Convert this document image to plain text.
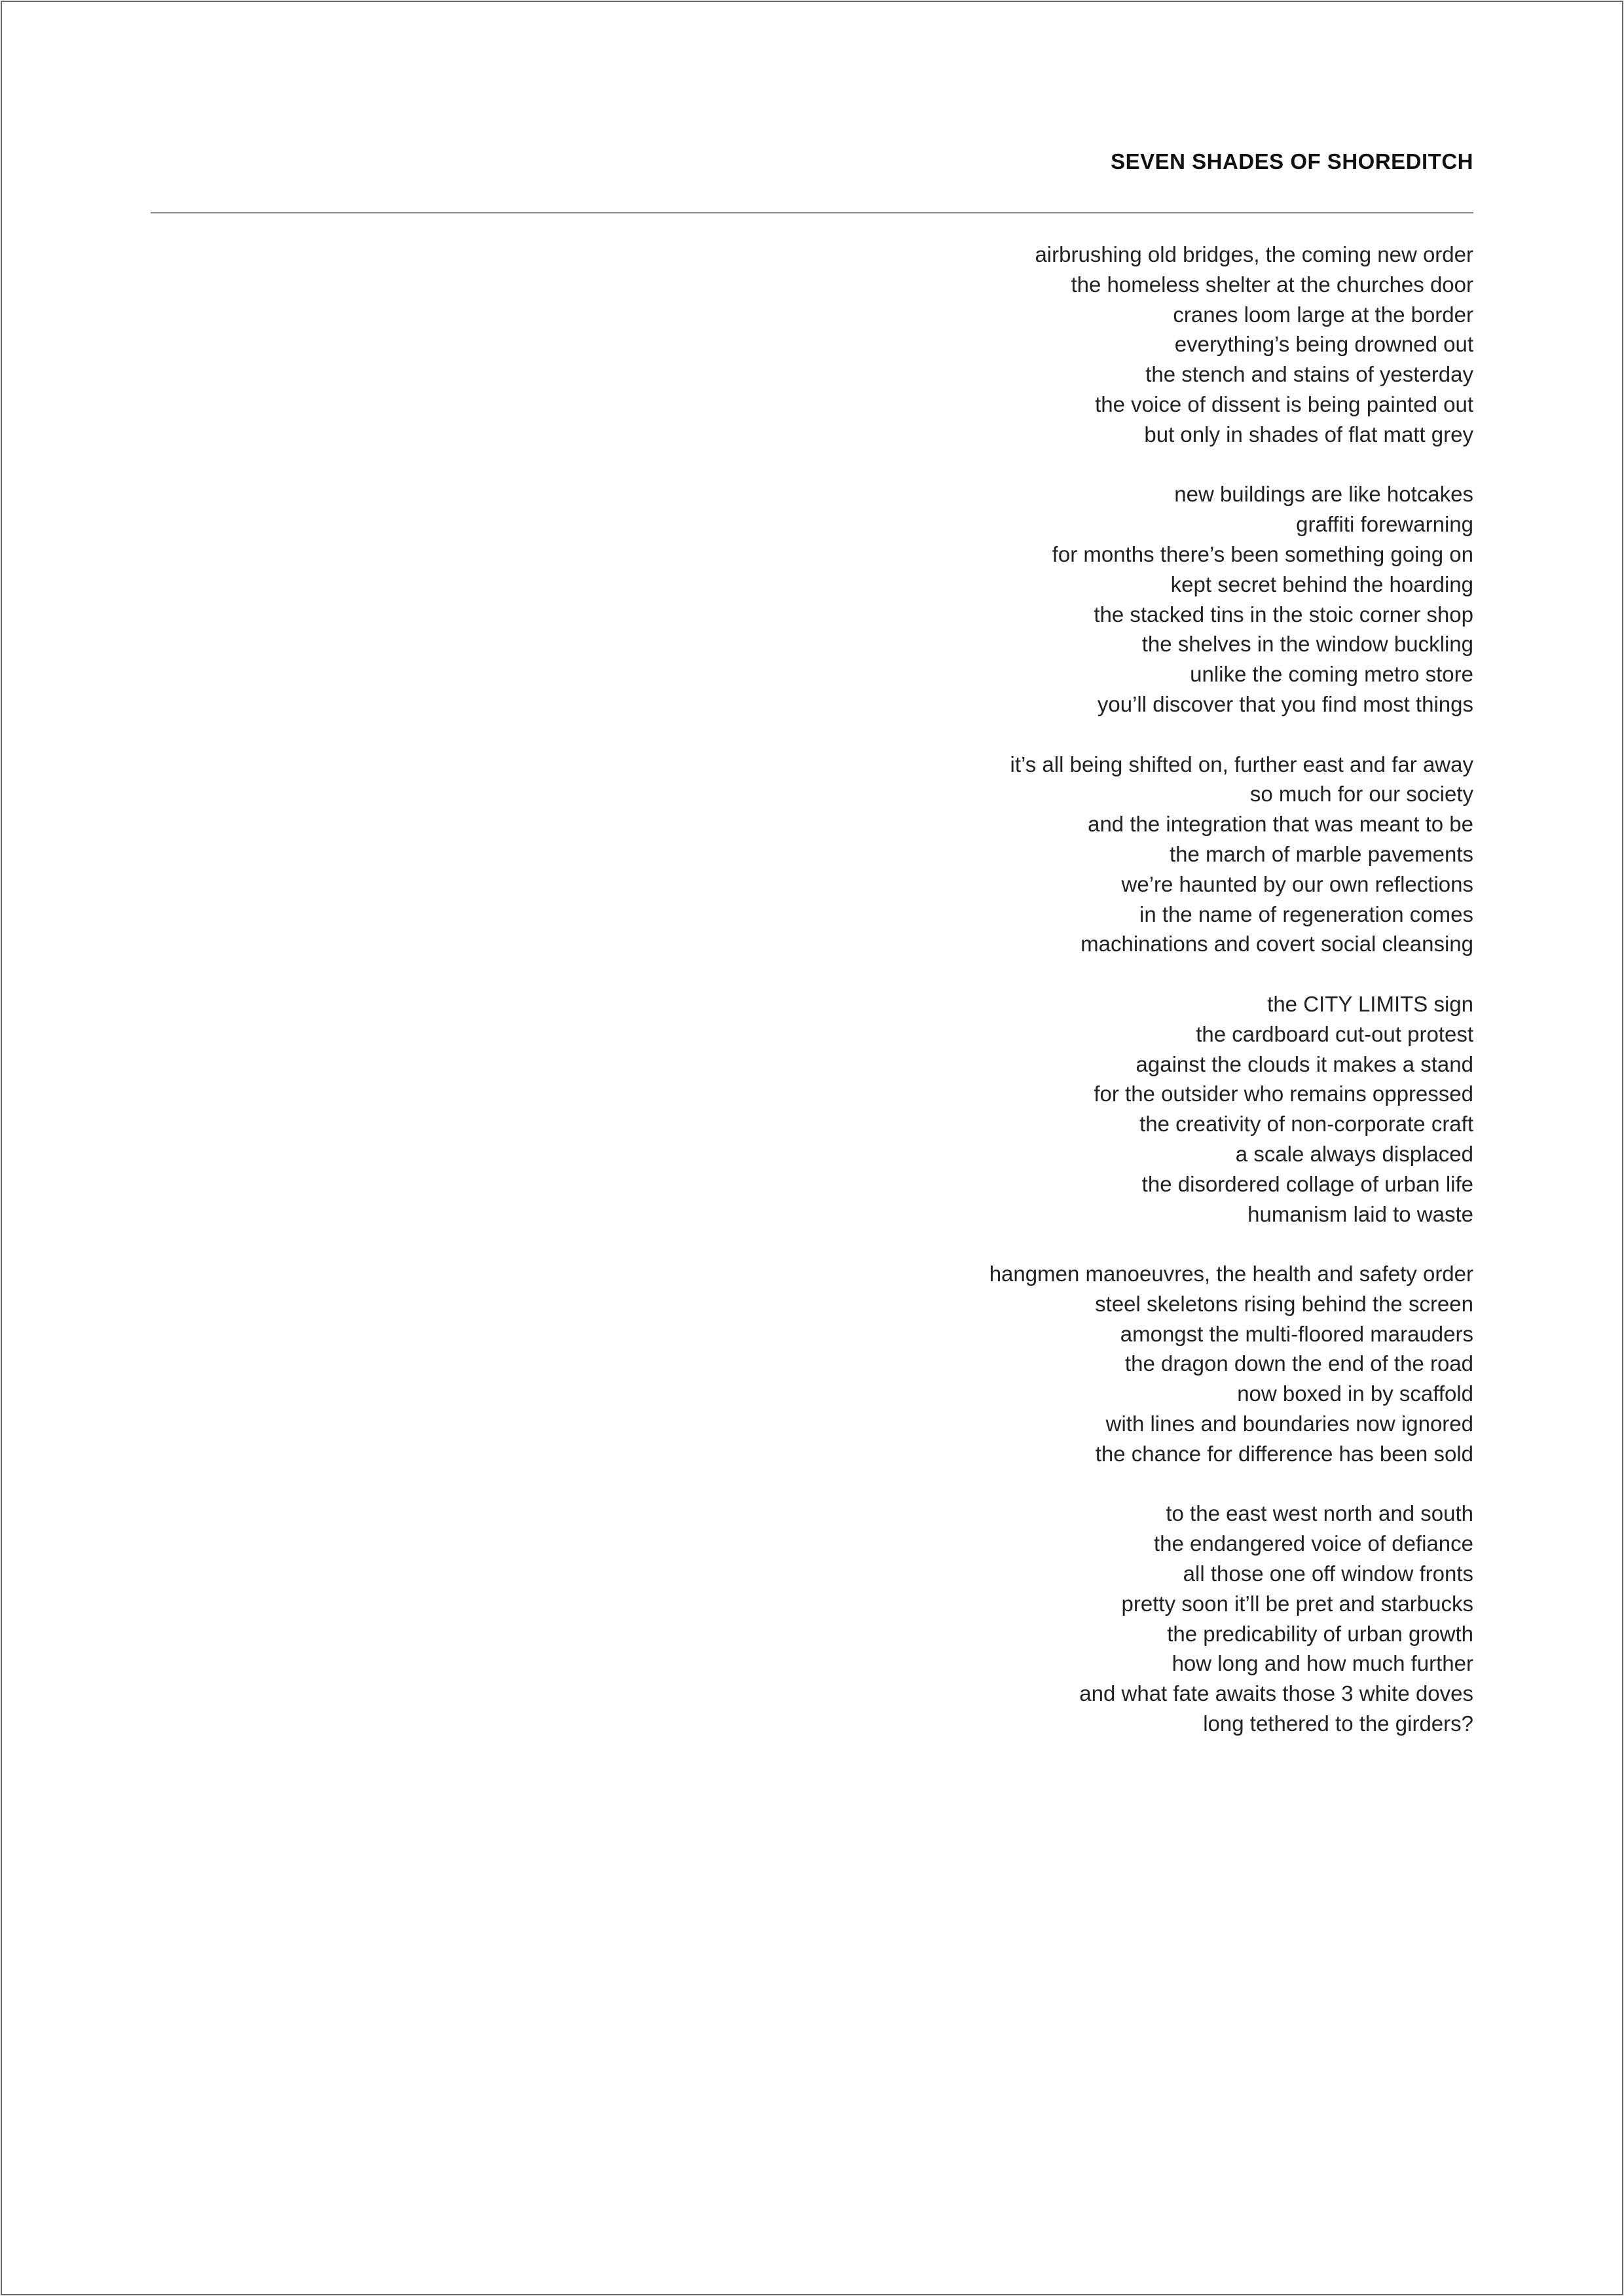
SEVEN SHADES OF SHOREDITCH
airbrushing old bridges, the coming new order
the homeless shelter at the churches door
cranes loom large at the border
everything’s being drowned out
the stench and stains of yesterday
the voice of dissent is being painted out
but only in shades of flat matt grey
new buildings are like hotcakes
graffiti forewarning
for months there’s been something going on
kept secret behind the hoarding
the stacked tins in the stoic corner shop
the shelves in the window buckling
unlike the coming metro store
you’ll discover that you find most things
it’s all being shifted on, further east and far away
so much for our society
and the integration that was meant to be
the march of marble pavements
we’re haunted by our own reflections
in the name of regeneration comes
machinations and covert social cleansing
the CITY LIMITS sign
the cardboard cut-out protest
against the clouds it makes a stand
for the outsider who remains oppressed
the creativity of non-corporate craft
a scale always displaced
the disordered collage of urban life
humanism laid to waste
hangmen manoeuvres, the health and safety order
steel skeletons rising behind the screen
amongst the multi-floored marauders
the dragon down the end of the road
now boxed in by scaffold
with lines and boundaries now ignored
the chance for difference has been sold
to the east west north and south
the endangered voice of defiance
all those one off window fronts
pretty soon it’ll be pret and starbucks
the predicability of urban growth
how long and how much further
and what fate awaits those 3 white doves
long tethered to the girders?
